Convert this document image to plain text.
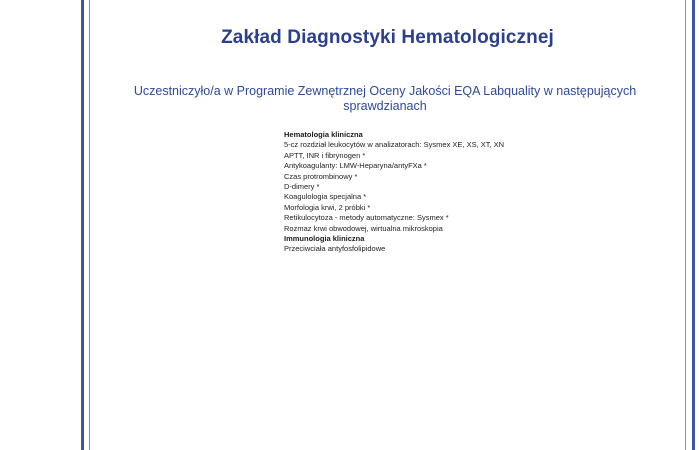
Zakład Diagnostyki Hematologicznej
Uczestniczyło/a w Programie Zewnętrznej Oceny Jakości EQA Labquality w następujących sprawdzianach
Hematologia kliniczna
5-cz rozdział leukocytów w analizatorach: Sysmex XE, XS, XT, XN
APTT, INR i fibrynogen *
Antykoagulanty: LMW-Heparyna/antyFXa *
Czas protrombinowy *
D-dimery *
Koagulologia specjalna *
Morfologia krwi, 2 próbki *
Retikulocytoza - metody automatyczne: Sysmex *
Rozmaz krwi obwodowej, wirtualna mikroskopia
Immunologia kliniczna
Przeciwciała antyfosfolipidowe
